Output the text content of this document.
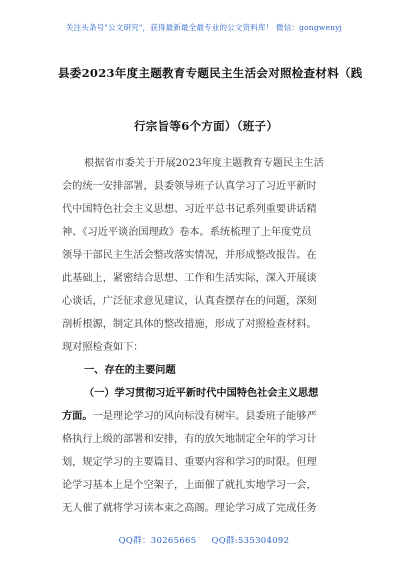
关注头条号"公文研究"，获得最新最全最专业的公文资料库！ 微信：gongwenyj
县委2023年度主题教育专题民主生活会对照检查材料（践
行宗旨等6个方面）（班子）

根据省市委关于开展2023年度主题教育专题民主生活

会的统一安排部署，县委领导班子认真学习了习近平新时

代中国特色社会主义思想、习近平总书记系列重要讲话精

神、《习近平谈治国理政》卷本。系统梳理了上年度党员

领导干部民主生活会整改落实情况，并形成整改报告。在

此基础上，紧密结合思想、工作和生活实际，深入开展谈

心谈话，广泛征求意见建议，认真查摆存在的问题，深刻

剖析根源，制定具体的整改措施，形成了对照检查材料。

现对照检查如下：

一、存在的主要问题

（一）学习贯彻习近平新时代中国特色社会主义思想

方面。一是理论学习的风向标没有树牢。县委班子能够严

格执行上级的部署和安排，有的放矢地制定全年的学习计

划，规定学习的主要篇目、重要内容和学习的时限。但理

论学习基本上是个空架子，上面催了就扎实地学习一会，

无人催了就将学习读本束之高阁。理论学习成了完成任务

QQ群：30265665 QQ群:535304092
